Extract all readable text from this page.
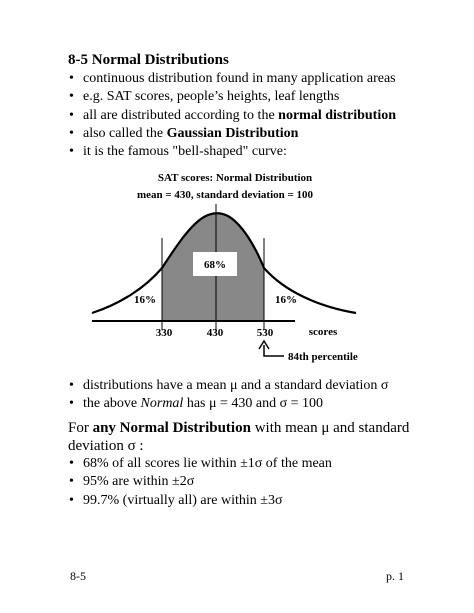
8-5 Normal Distributions
• continuous distribution found in many application areas
• e.g. SAT scores, people’s heights, leaf lengths
• all are distributed according to the normal distribution
• also called the Gaussian Distribution
• it is the famous "bell-shaped" curve:
68%
16%	16%
SAT scores: Normal Distribution
mean = 430, standard deviation = 100
330	430	530	scores
84th percentile
• distributions have a mean μ and a standard deviation σ
• the above Normal has μ = 430 and σ = 100
For any Normal Distribution with mean μ and standard
deviation σ :
• 68% of all scores lie within ±1σ of the mean
• 95% are within ±2σ
• 99.7% (virtually all) are within ±3σ
8-5	p. 1
